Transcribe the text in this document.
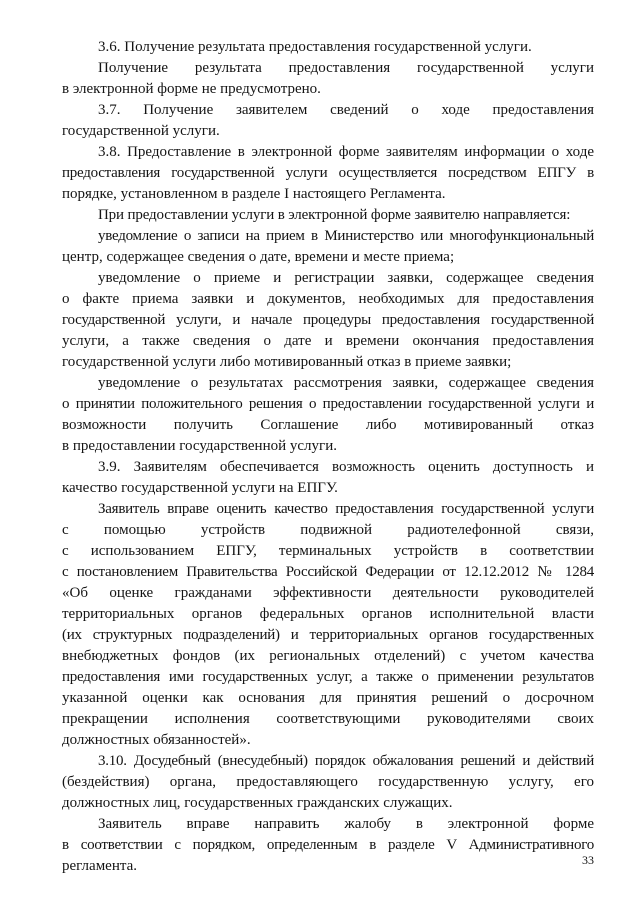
3.6. Получение результата предоставления государственной услуги.
Получение результата предоставления государственной услуги
в электронной форме не предусмотрено.
3.7. Получение заявителем сведений о ходе предоставления
государственной услуги.
3.8. Предоставление в электронной форме заявителям информации о ходе
предоставления государственной услуги осуществляется посредством ЕПГУ в
порядке, установленном в разделе I настоящего Регламента.
При предоставлении услуги в электронной форме заявителю направляется:
уведомление о записи на прием в Министерство или многофункциональный
центр, содержащее сведения о дате, времени и месте приема;
уведомление о приеме и регистрации заявки, содержащее сведения
о факте приема заявки и документов, необходимых для предоставления
государственной услуги, и начале процедуры предоставления государственной
услуги, а также сведения о дате и времени окончания предоставления
государственной услуги либо мотивированный отказ в приеме заявки;
уведомление о результатах рассмотрения заявки, содержащее сведения
о принятии положительного решения о предоставлении государственной услуги и
возможности получить Соглашение либо мотивированный отказ
в предоставлении государственной услуги.
3.9. Заявителям обеспечивается возможность оценить доступность и
качество государственной услуги на ЕПГУ.
Заявитель вправе оценить качество предоставления государственной услуги
с помощью устройств подвижной радиотелефонной связи,
с использованием ЕПГУ, терминальных устройств в соответствии
с постановлением Правительства Российской Федерации от 12.12.2012 № 1284
«Об оценке гражданами эффективности деятельности руководителей
территориальных органов федеральных органов исполнительной власти
(их структурных подразделений) и территориальных органов государственных
внебюджетных фондов (их региональных отделений) с учетом качества
предоставления ими государственных услуг, а также о применении результатов
указанной оценки как основания для принятия решений о досрочном
прекращении исполнения соответствующими руководителями своих
должностных обязанностей».
3.10. Досудебный (внесудебный) порядок обжалования решений и действий
(бездействия) органа, предоставляющего государственную услугу, его
должностных лиц, государственных гражданских служащих.
Заявитель вправе направить жалобу в электронной форме
в соответствии с порядком, определенным в разделе V Административного
регламента.	33
